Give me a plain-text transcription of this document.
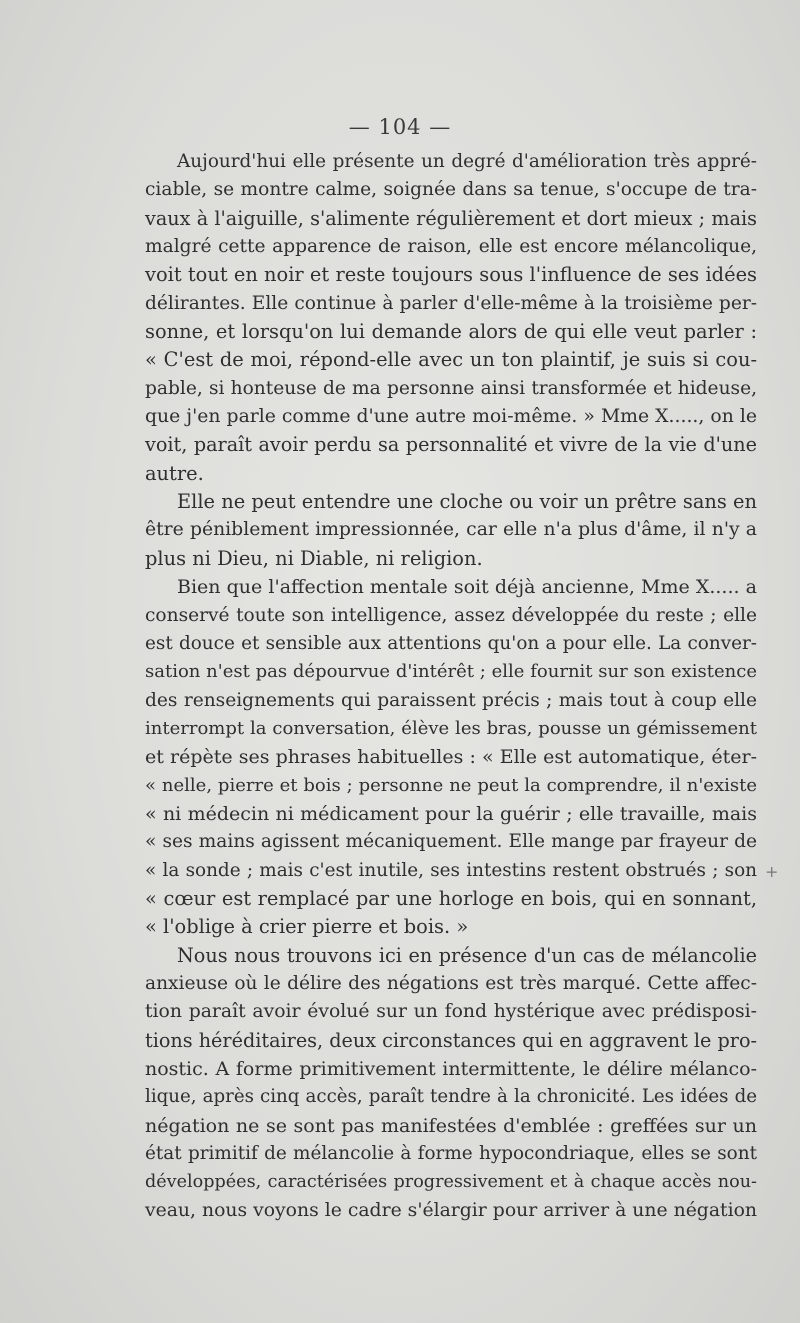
— 104 —
Aujourd'hui elle présente un degré d'amélioration très appré-
ciable, se montre calme, soignée dans sa tenue, s'occupe de tra-
vaux à l'aiguille, s'alimente régulièrement et dort mieux ; mais
malgré cette apparence de raison, elle est encore mélancolique,
voit tout en noir et reste toujours sous l'influence de ses idées
délirantes. Elle continue à parler d'elle-même à la troisième per-
sonne, et lorsqu'on lui demande alors de qui elle veut parler :
« C'est de moi, répond-elle avec un ton plaintif, je suis si cou-
pable, si honteuse de ma personne ainsi transformée et hideuse,
que j'en parle comme d'une autre moi-même. » Mme X....., on le
voit, paraît avoir perdu sa personnalité et vivre de la vie d'une
autre.
Elle ne peut entendre une cloche ou voir un prêtre sans en
être péniblement impressionnée, car elle n'a plus d'âme, il n'y a
plus ni Dieu, ni Diable, ni religion.
Bien que l'affection mentale soit déjà ancienne, Mme X..... a
conservé toute son intelligence, assez développée du reste ; elle
est douce et sensible aux attentions qu'on a pour elle. La conver-
sation n'est pas dépourvue d'intérêt ; elle fournit sur son existence
des renseignements qui paraissent précis ; mais tout à coup elle
interrompt la conversation, élève les bras, pousse un gémissement
et répète ses phrases habituelles : « Elle est automatique, éter-
« nelle, pierre et bois ; personne ne peut la comprendre, il n'existe
« ni médecin ni médicament pour la guérir ; elle travaille, mais
« ses mains agissent mécaniquement. Elle mange par frayeur de
« la sonde ; mais c'est inutile, ses intestins restent obstrués ; son
« cœur est remplacé par une horloge en bois, qui en sonnant,
« l'oblige à crier pierre et bois. »
Nous nous trouvons ici en présence d'un cas de mélancolie
anxieuse où le délire des négations est très marqué. Cette affec-
tion paraît avoir évolué sur un fond hystérique avec prédisposi-
tions héréditaires, deux circonstances qui en aggravent le pro-
nostic. A forme primitivement intermittente, le délire mélanco-
lique, après cinq accès, paraît tendre à la chronicité. Les idées de
négation ne se sont pas manifestées d'emblée : greffées sur un
état primitif de mélancolie à forme hypocondriaque, elles se sont
développées, caractérisées progressivement et à chaque accès nou-
veau, nous voyons le cadre s'élargir pour arriver à une négation
+
